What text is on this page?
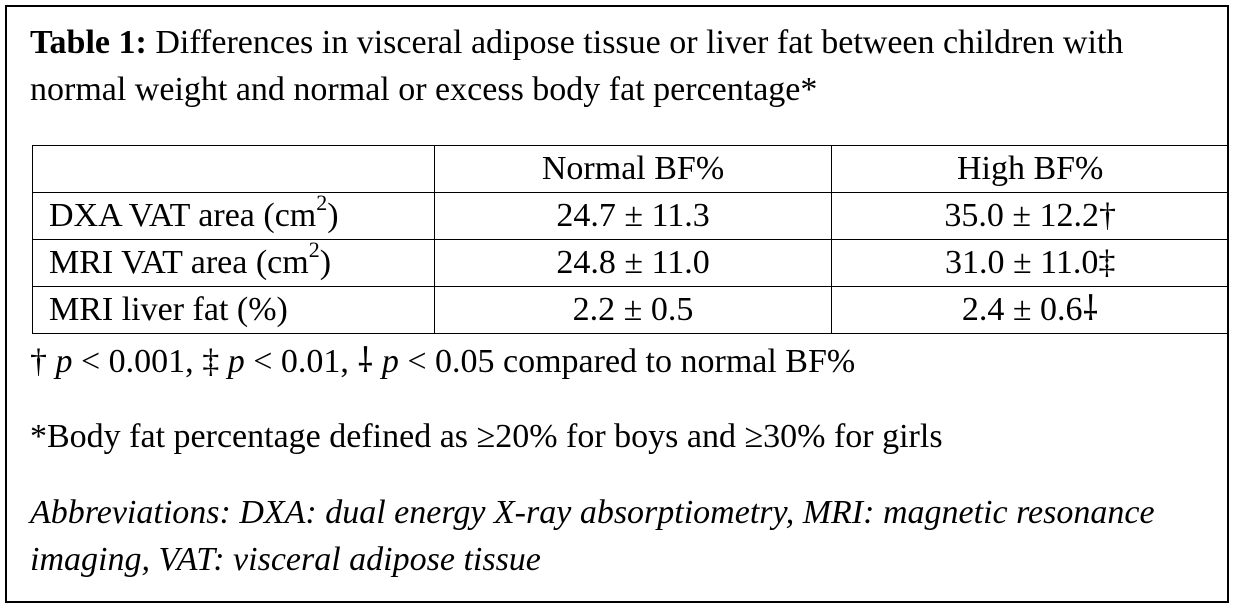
Table 1: Differences in visceral adipose tissue or liver fat between children with normal weight and normal or excess body fat percentage*
	Normal BF%	High BF%
DXA VAT area $(cm^2)$	24.7 ± 11.3	35.0 ± 12.2†
MRI VAT area $(cm^2)$	24.8 ± 11.0	31.0 ± 11.0‡
MRI liver fat (%)	2.2 ± 0.5	2.4 ± 0.6⸸
† p < 0.001, ‡ p < 0.01, ⸸ p < 0.05 compared to normal BF%
*Body fat percentage defined as ≥20% for boys and ≥30% for girls
Abbreviations: DXA: dual energy X-ray absorptiometry, MRI: magnetic resonance imaging, VAT: visceral adipose tissue
